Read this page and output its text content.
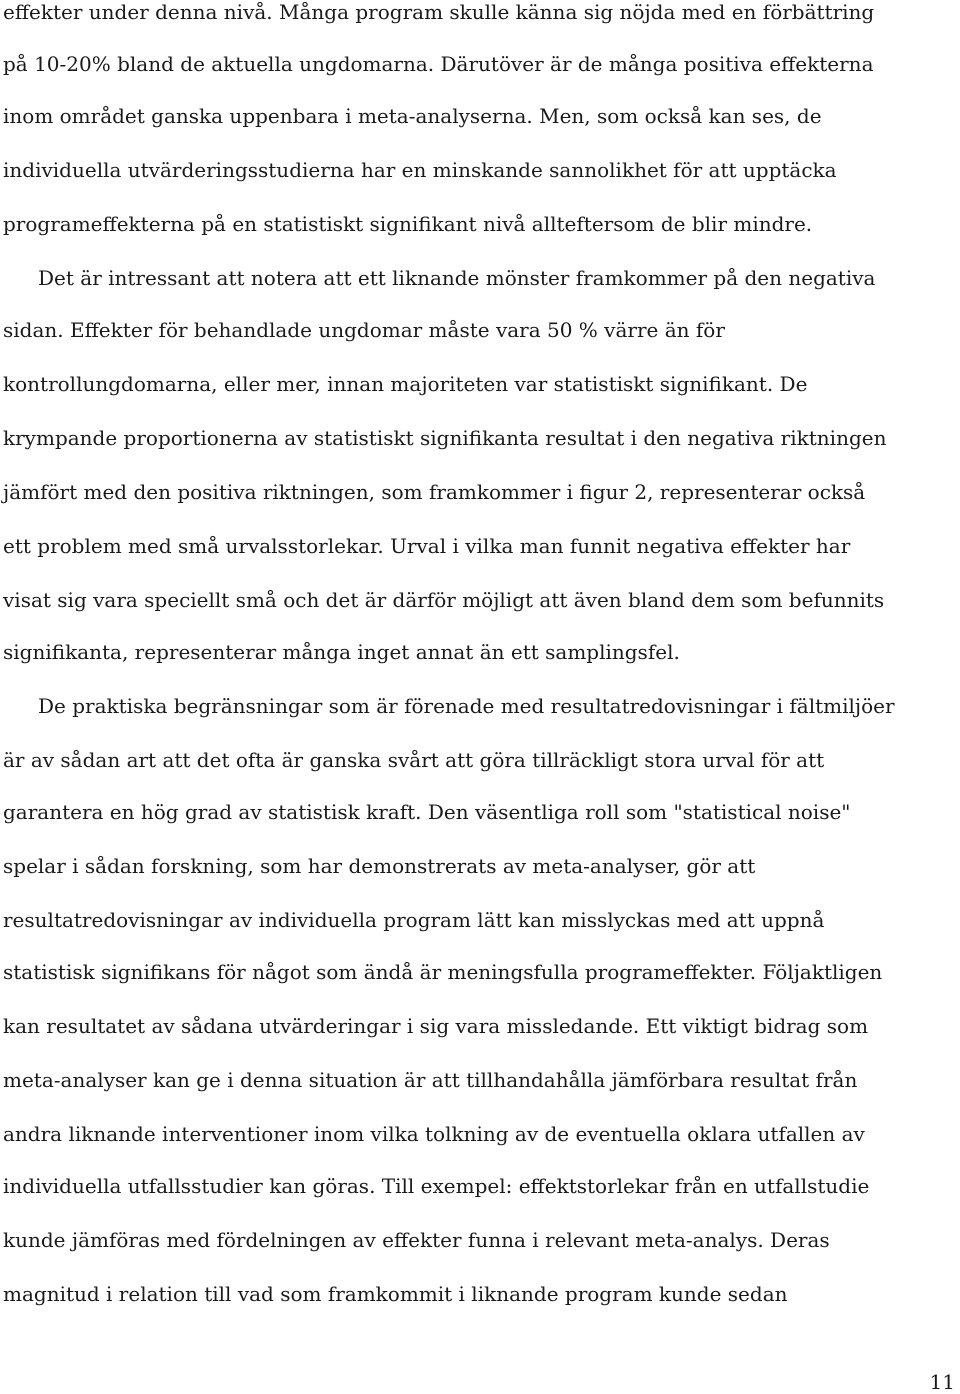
effekter under denna nivå. Många program skulle känna sig nöjda med en förbättring

på 10-20% bland de aktuella ungdomarna. Därutöver är de många positiva effekterna

inom området ganska uppenbara i meta-analyserna. Men, som också kan ses, de

individuella utvärderingsstudierna har en minskande sannolikhet för att upptäcka

programeffekterna på en statistiskt signifikant nivå allteftersom de blir mindre.

Det är intressant att notera att ett liknande mönster framkommer på den negativa

sidan. Effekter för behandlade ungdomar måste vara 50 % värre än för

kontrollungdomarna, eller mer, innan majoriteten var statistiskt signifikant. De

krympande proportionerna av statistiskt signifikanta resultat i den negativa riktningen

jämfört med den positiva riktningen, som framkommer i figur 2, representerar också

ett problem med små urvalsstorlekar. Urval i vilka man funnit negativa effekter har

visat sig vara speciellt små och det är därför möjligt att även bland dem som befunnits

signifikanta, representerar många inget annat än ett samplingsfel.

De praktiska begränsningar som är förenade med resultatredovisningar i fältmiljöer

är av sådan art att det ofta är ganska svårt att göra tillräckligt stora urval för att

garantera en hög grad av statistisk kraft. Den väsentliga roll som "statistical noise"

spelar i sådan forskning, som har demonstrerats av meta-analyser, gör att

resultatredovisningar av individuella program lätt kan misslyckas med att uppnå

statistisk signifikans för något som ändå är meningsfulla programeffekter. Följaktligen

kan resultatet av sådana utvärderingar i sig vara missledande. Ett viktigt bidrag som

meta-analyser kan ge i denna situation är att tillhandahålla jämförbara resultat från

andra liknande interventioner inom vilka tolkning av de eventuella oklara utfallen av

individuella utfallsstudier kan göras. Till exempel: effektstorlekar från en utfallstudie

kunde jämföras med fördelningen av effekter funna i relevant meta-analys. Deras

magnitud i relation till vad som framkommit i liknande program kunde sedan

11
